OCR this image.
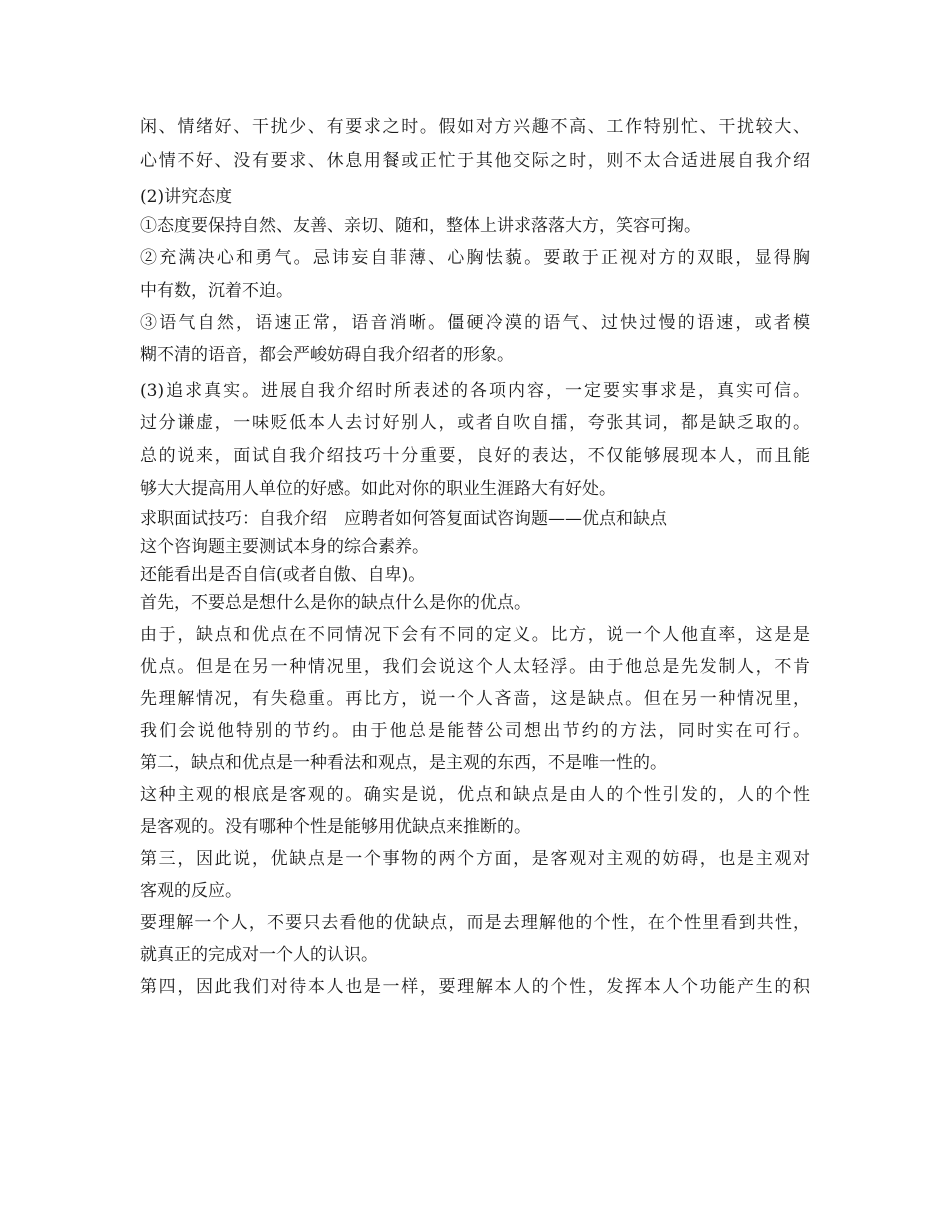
闲、情绪好、干扰少、有要求之时。假如对方兴趣不高、工作特别忙、干扰较大、
心情不好、没有要求、休息用餐或正忙于其他交际之时，则不太合适进展自我介绍
(2)讲究态度
①态度要保持自然、友善、亲切、随和，整体上讲求落落大方，笑容可掬。
②充满决心和勇气。忌讳妄自菲薄、心胸怯藐。要敢于正视对方的双眼，显得胸
中有数，沉着不迫。
③语气自然，语速正常，语音消晰。僵硬冷漠的语气、过快过慢的语速，或者模
糊不清的语音，都会严峻妨碍自我介绍者的形象。
(3)追求真实。进展自我介绍时所表述的各项内容，一定要实事求是，真实可信。
过分谦虚，一味贬低本人去讨好别人，或者自吹自擂，夸张其词，都是缺乏取的。
总的说来，面试自我介绍技巧十分重要，良好的表达，不仅能够展现本人，而且能
够大大提高用人单位的好感。如此对你的职业生涯路大有好处。
求职面试技巧：自我介绍　应聘者如何答复面试咨询题——优点和缺点
这个咨询题主要测试本身的综合素养。
还能看出是否自信(或者自傲、自卑)。
首先，不要总是想什么是你的缺点什么是你的优点。
由于，缺点和优点在不同情况下会有不同的定义。比方，说一个人他直率，这是是
优点。但是在另一种情况里，我们会说这个人太轻浮。由于他总是先发制人，不肯
先理解情况，有失稳重。再比方，说一个人吝啬，这是缺点。但在另一种情况里，
我们会说他特别的节约。由于他总是能替公司想出节约的方法，同时实在可行。
第二，缺点和优点是一种看法和观点，是主观的东西，不是唯一性的。
这种主观的根底是客观的。确实是说，优点和缺点是由人的个性引发的，人的个性
是客观的。没有哪种个性是能够用优缺点来推断的。
第三，因此说，优缺点是一个事物的两个方面，是客观对主观的妨碍，也是主观对
客观的反应。
要理解一个人，不要只去看他的优缺点，而是去理解他的个性，在个性里看到共性，
就真正的完成对一个人的认识。
第四，因此我们对待本人也是一样，要理解本人的个性，发挥本人个功能产生的积
